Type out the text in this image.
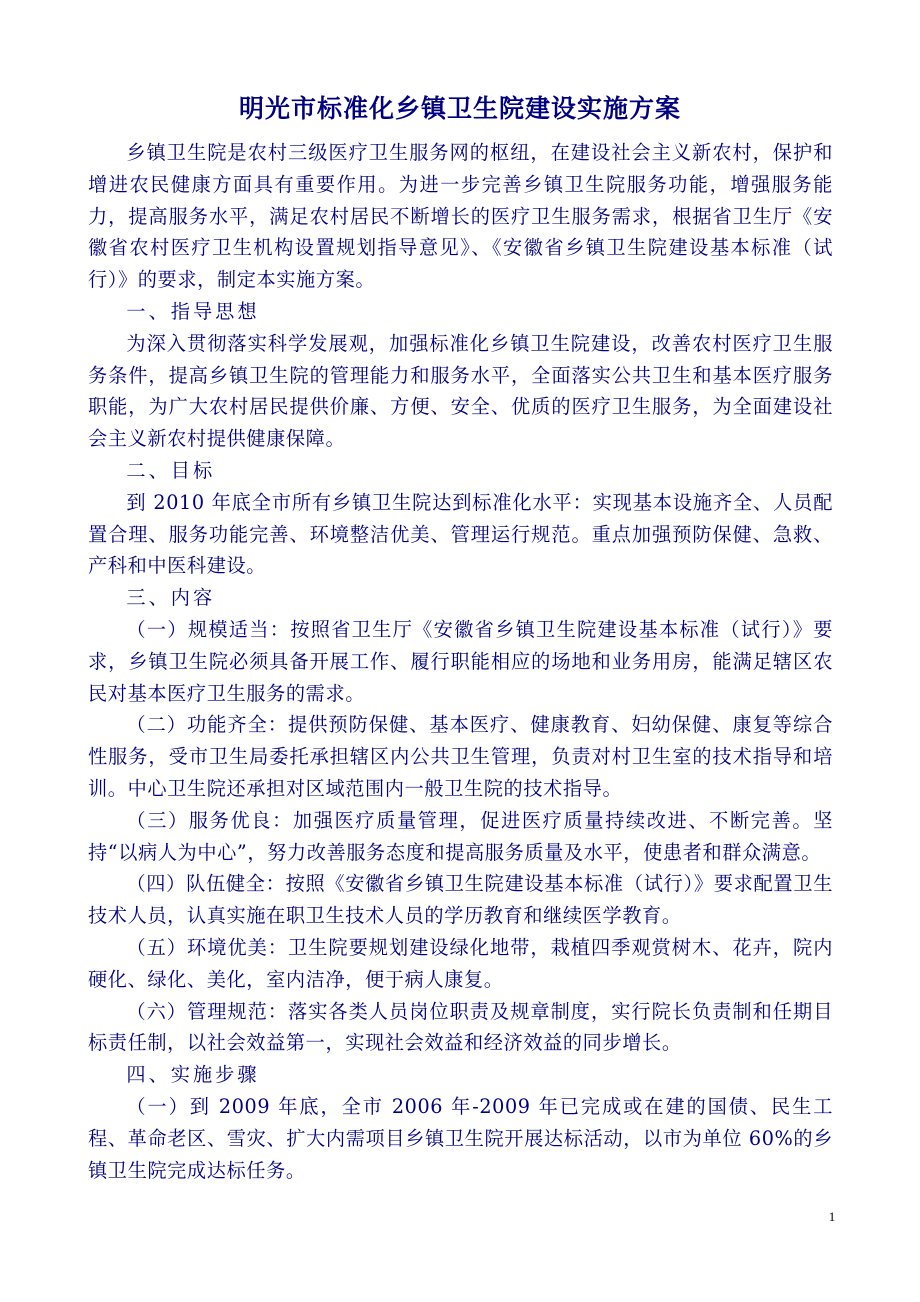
明光市标准化乡镇卫生院建设实施方案

乡镇卫生院是农村三级医疗卫生服务网的枢纽，在建设社会主义新农村，保护和增进农民健康方面具有重要作用。为进一步完善乡镇卫生院服务功能，增强服务能力，提高服务水平，满足农村居民不断增长的医疗卫生服务需求，根据省卫生厅《安徽省农村医疗卫生机构设置规划指导意见》、《安徽省乡镇卫生院建设基本标准（试行）》的要求，制定本实施方案。

一、指导思想

为深入贯彻落实科学发展观，加强标准化乡镇卫生院建设，改善农村医疗卫生服务条件，提高乡镇卫生院的管理能力和服务水平，全面落实公共卫生和基本医疗服务职能，为广大农村居民提供价廉、方便、安全、优质的医疗卫生服务，为全面建设社会主义新农村提供健康保障。

二、目标

到 2010 年底全市所有乡镇卫生院达到标准化水平：实现基本设施齐全、人员配置合理、服务功能完善、环境整洁优美、管理运行规范。重点加强预防保健、急救、产科和中医科建设。

三、内容

（一）规模适当：按照省卫生厅《安徽省乡镇卫生院建设基本标准（试行）》要求，乡镇卫生院必须具备开展工作、履行职能相应的场地和业务用房，能满足辖区农民对基本医疗卫生服务的需求。

（二）功能齐全：提供预防保健、基本医疗、健康教育、妇幼保健、康复等综合性服务，受市卫生局委托承担辖区内公共卫生管理，负责对村卫生室的技术指导和培训。中心卫生院还承担对区域范围内一般卫生院的技术指导。

（三）服务优良：加强医疗质量管理，促进医疗质量持续改进、不断完善。坚持“以病人为中心”，努力改善服务态度和提高服务质量及水平，使患者和群众满意。

（四）队伍健全：按照《安徽省乡镇卫生院建设基本标准（试行）》要求配置卫生技术人员，认真实施在职卫生技术人员的学历教育和继续医学教育。

（五）环境优美：卫生院要规划建设绿化地带，栽植四季观赏树木、花卉，院内硬化、绿化、美化，室内洁净，便于病人康复。

（六）管理规范：落实各类人员岗位职责及规章制度，实行院长负责制和任期目标责任制，以社会效益第一，实现社会效益和经济效益的同步增长。

四、实施步骤

（一）到 2009 年底，全市 2006 年-2009 年已完成或在建的国债、民生工程、革命老区、雪灾、扩大内需项目乡镇卫生院开展达标活动，以市为单位 60%的乡镇卫生院完成达标任务。

1
